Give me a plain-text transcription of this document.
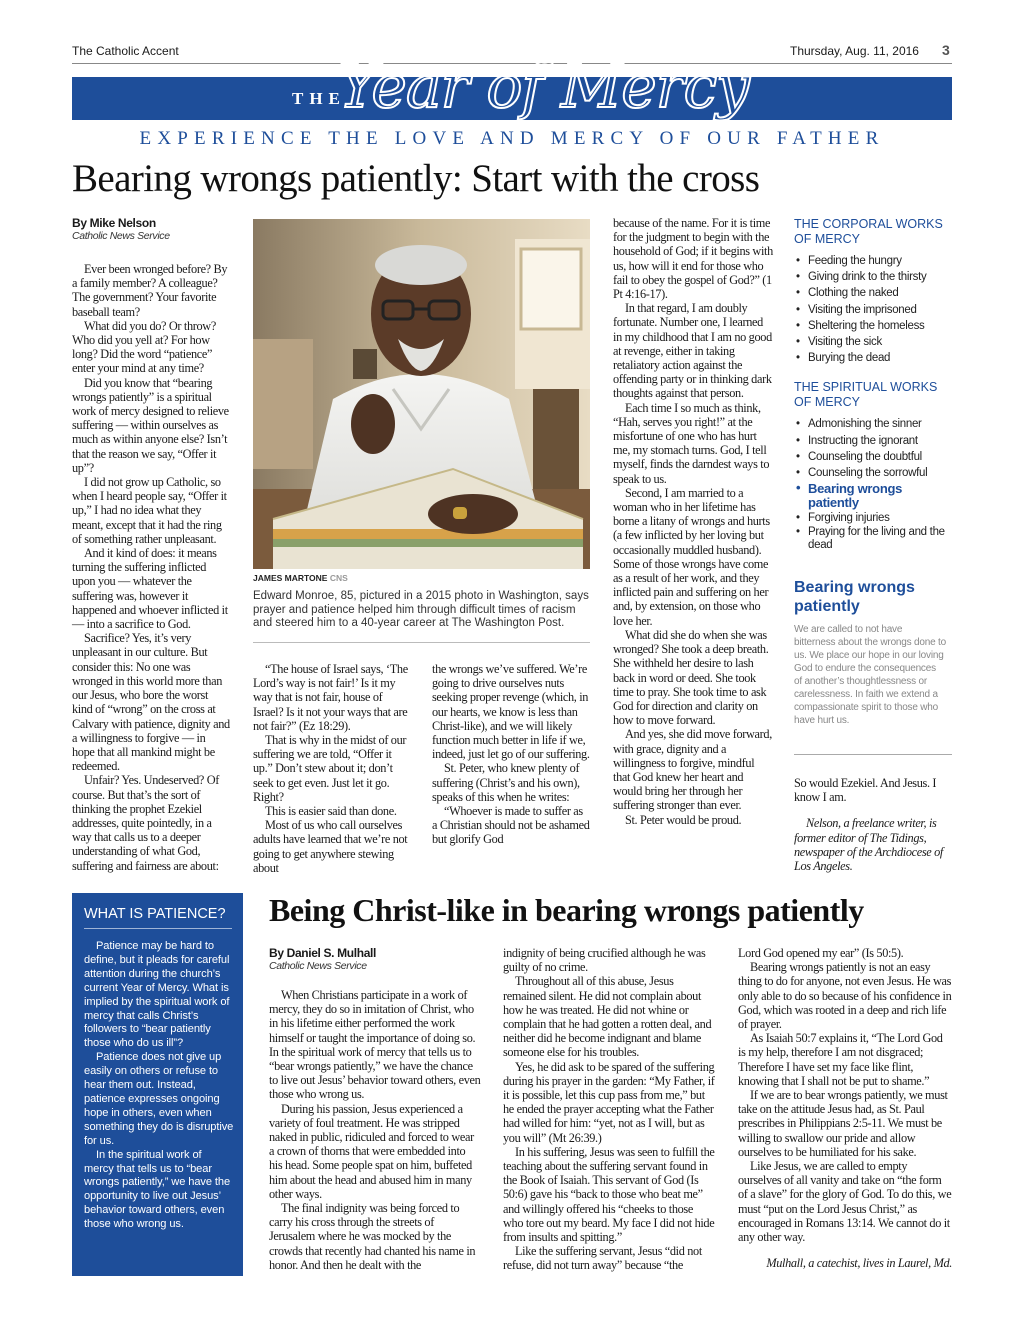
The Catholic Accent	Thursday, Aug. 11, 2016 3
THE
Year of Mercy
EXPERIENCE THE LOVE AND MERCY OF OUR FATHER
Bearing wrongs patiently: Start with the cross
By Mike Nelson
Catholic News Service

Ever been wronged before? By a family member? A colleague? The government? Your favorite baseball team?

What did you do? Or throw? Who did you yell at? For how long? Did the word “patience” enter your mind at any time?

Did you know that “bearing wrongs patiently” is a spiritual work of mercy designed to relieve suffering — within ourselves as much as within anyone else? Isn’t that the reason we say, “Offer it up”?

I did not grow up Catholic, so when I heard people say, “Offer it up,” I had no idea what they meant, except that it had the ring of something rather unpleasant.

And it kind of does: it means turning the suffering inflicted upon you — whatever the suffering was, however it happened and whoever inflicted it — into a sacrifice to God.

Sacrifice? Yes, it’s very unpleasant in our culture. But consider this: No one was wronged in this world more than our Jesus, who bore the worst kind of “wrong” on the cross at Calvary with patience, dignity and a willingness to forgive — in hope that all mankind might be redeemed.

Unfair? Yes. Undeserved? Of course. But that’s the sort of thinking the prophet Ezekiel addresses, quite pointedly, in a way that calls us to a deeper understanding of what God, suffering and fairness are about:

JAMES MARTONE CNS
Edward Monroe, 85, pictured in a 2015 photo in Washington, says prayer and patience helped him through difficult times of racism and steered him to a 40-year career at The Washington Post.

“The house of Israel says, ‘The Lord’s way is not fair!’ Is it my way that is not fair, house of Israel? Is it not your ways that are not fair?” (Ez 18:29).

That is why in the midst of our suffering we are told, “Offer it up.” Don’t stew about it; don’t seek to get even. Just let it go. Right?

This is easier said than done.

Most of us who call ourselves adults have learned that we’re not going to get anywhere stewing about

the wrongs we’ve suffered. We’re going to drive ourselves nuts seeking proper revenge (which, in our hearts, we know is less than Christ-like), and we will likely function much better in life if we, indeed, just let go of our suffering.

St. Peter, who knew plenty of suffering (Christ’s and his own), speaks of this when he writes:

“Whoever is made to suffer as a Christian should not be ashamed but glorify God

because of the name. For it is time for the judgment to begin with the household of God; if it begins with us, how will it end for those who fail to obey the gospel of God?” (1 Pt 4:16-17).

In that regard, I am doubly fortunate. Number one, I learned in my childhood that I am no good at revenge, either in taking retaliatory action against the offending party or in thinking dark thoughts against that person.

Each time I so much as think, “Hah, serves you right!” at the misfortune of one who has hurt me, my stomach turns. God, I tell myself, finds the darndest ways to speak to us.

Second, I am married to a woman who in her lifetime has borne a litany of wrongs and hurts (a few inflicted by her loving but occasionally muddled husband). Some of those wrongs have come as a result of her work, and they inflicted pain and suffering on her and, by extension, on those who love her.

What did she do when she was wronged? She took a deep breath. She withheld her desire to lash back in word or deed. She took time to pray. She took time to ask God for direction and clarity on how to move forward.

And yes, she did move forward, with grace, dignity and a willingness to forgive, mindful that God knew her heart and would bring her through her suffering stronger than ever.

St. Peter would be proud.

THE CORPORAL WORKS OF MERCY
• Feeding the hungry
• Giving drink to the thirsty
• Clothing the naked
• Visiting the imprisoned
• Sheltering the homeless
• Visiting the sick
• Burying the dead
THE SPIRITUAL WORKS OF MERCY
• Admonishing the sinner
• Instructing the ignorant
• Counseling the doubtful
• Counseling the sorrowful
• Bearing wrongs patiently
• Forgiving injuries
• Praying for the living and the dead
Bearing wrongs patiently
We are called to not have bitterness about the wrongs done to us. We place our hope in our loving God to endure the consequences of another’s thoughtlessness or carelessness. In faith we extend a compassionate spirit to those who have hurt us.

So would Ezekiel. And Jesus. I know I am.

Nelson, a freelance writer, is former editor of The Tidings, newspaper of the Archdiocese of Los Angeles.

WHAT IS PATIENCE?

Patience may be hard to define, but it pleads for careful attention during the church’s current Year of Mercy. What is implied by the spiritual work of mercy that calls Christ’s followers to “bear patiently those who do us ill”?

Patience does not give up easily on others or refuse to hear them out. Instead, patience expresses ongoing hope in others, even when something they do is disruptive for us.

In the spiritual work of mercy that tells us to “bear wrongs patiently,” we have the opportunity to live out Jesus’ behavior toward others, even those who wrong us.

Being Christ-like in bearing wrongs patiently
By Daniel S. Mulhall
Catholic News Service

When Christians participate in a work of mercy, they do so in imitation of Christ, who in his lifetime either performed the work himself or taught the importance of doing so. In the spiritual work of mercy that tells us to “bear wrongs patiently,” we have the chance to live out Jesus’ behavior toward others, even those who wrong us.

During his passion, Jesus experienced a variety of foul treatment. He was stripped naked in public, ridiculed and forced to wear a crown of thorns that were embedded into his head. Some people spat on him, buffeted him about the head and abused him in many other ways.

The final indignity was being forced to carry his cross through the streets of Jerusalem where he was mocked by the crowds that recently had chanted his name in honor. And then he dealt with the

indignity of being crucified although he was guilty of no crime.

Throughout all of this abuse, Jesus remained silent. He did not complain about how he was treated. He did not whine or complain that he had gotten a rotten deal, and neither did he become indignant and blame someone else for his troubles.

Yes, he did ask to be spared of the suffering during his prayer in the garden: “My Father, if it is possible, let this cup pass from me,” but he ended the prayer accepting what the Father had willed for him: “yet, not as I will, but as you will” (Mt 26:39.)

In his suffering, Jesus was seen to fulfill the teaching about the suffering servant found in the Book of Isaiah. This servant of God (Is 50:6) gave his “back to those who beat me” and willingly offered his “cheeks to those who tore out my beard. My face I did not hide from insults and spitting.”

Like the suffering servant, Jesus “did not refuse, did not turn away” because “the

Lord God opened my ear” (Is 50:5).

Bearing wrongs patiently is not an easy thing to do for anyone, not even Jesus. He was only able to do so because of his confidence in God, which was rooted in a deep and rich life of prayer.

As Isaiah 50:7 explains it, “The Lord God is my help, therefore I am not disgraced; Therefore I have set my face like flint, knowing that I shall not be put to shame.”

If we are to bear wrongs patiently, we must take on the attitude Jesus had, as St. Paul prescribes in Philippians 2:5-11. We must be willing to swallow our pride and allow ourselves to be humiliated for his sake.

Like Jesus, we are called to empty ourselves of all vanity and take on “the form of a slave” for the glory of God. To do this, we must “put on the Lord Jesus Christ,” as encouraged in Romans 13:14. We cannot do it any other way.

Mulhall, a catechist, lives in Laurel, Md.
